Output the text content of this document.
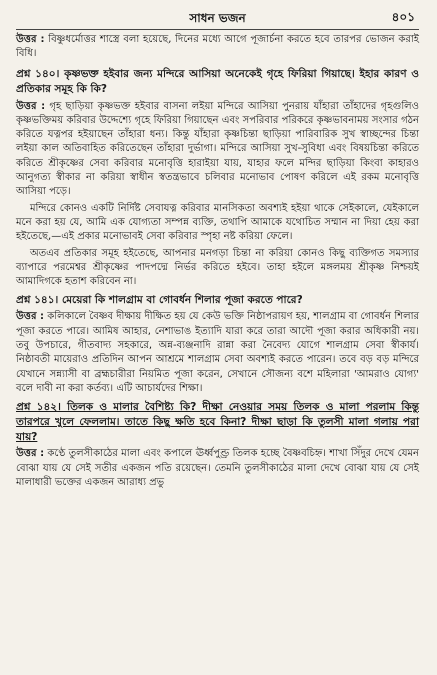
সাধন ভজন	৪০১

উত্তর : বিষ্ণুধর্মোত্তর শাস্ত্রে বলা হয়েছে, দিনের মধ্যে আগে পূজার্চনা করতে হবে তারপর ভোজন করাই বিধি।

প্রশ্ন ১৪০। কৃষ্ণভক্ত হইবার জন্য মন্দিরে আসিয়া অনেকেই গৃহে ফিরিয়া গিয়াছে। ইহার কারণ ও প্রতিকার সমূহ কি কি?

উত্তর : গৃহ ছাড়িয়া কৃষ্ণভক্ত হইবার বাসনা লইয়া মন্দিরে আসিয়া পুনরায় যাঁহারা তাঁহাদের গৃহগুলিও কৃষ্ণভক্তিময় করিবার উদ্দেশ্যে গৃহে ফিরিয়া গিয়াছেন এবং সপরিবার পরিকরে কৃষ্ণভাবনাময় সংসার গঠন করিতে যত্নপর হইয়াছেন তাঁহারা ধন্য। কিন্তু যাঁহারা কৃষ্ণচিন্তা ছাড়িয়া পারিবারিক সুখ স্বাচ্ছন্দের চিন্তা লইয়া কাল অতিবাহিত করিতেছেন তাঁহারা দুর্ভাগা। মন্দিরে আসিয়া সুখ-সুবিধা এবং বিষয়চিন্তা করিতে করিতে শ্রীকৃষ্ণের সেবা করিবার মনোবৃত্তি হারাইয়া যায়, যাহার ফলে মন্দির ছাড়িয়া কিংবা কাহারও আনুগত্য স্বীকার না করিয়া স্বাধীন স্বতন্ত্রভাবে চলিবার মনোভাব পোষণ করিলে এই রকম মনোবৃত্তি আসিয়া পড়ে।

মন্দিরে কোনও একটি নির্দিষ্ট সেবাযত্ন করিবার মানসিকতা অবশ্যই হইয়া থাকে সেইকালে, যেইকালে মনে করা হয় যে, আমি এক যোগ্যতা সম্পন্ন ব্যক্তি, তথাপি আমাকে যথোচিত সম্মান না দিয়া হেয় করা হইতেছে,—এই প্রকার মনোভাবই সেবা করিবার স্পৃহা নষ্ট করিয়া ফেলে।

অতএব প্রতিকার সমূহ হইতেছে, আপনার মনগড়া চিন্তা না করিয়া কোনও কিছু ব্যক্তিগত সমস্যার ব্যাপারে পরমেশ্বর শ্রীকৃষ্ণের পাদপদ্মে নির্ভর করিতে হইবে। তাহা হইলে মঙ্গলময় শ্রীকৃষ্ণ নিশ্চয়ই আমাদিগকে হতাশ করিবেন না।

প্রশ্ন ১৪১। মেয়েরা কি শালগ্রাম বা গোবর্ধন শিলার পূজা করতে পারে?

উত্তর : কলিকালে বৈষ্ণব দীক্ষায় দীক্ষিত হয় যে কেউ ভক্তি নিষ্ঠাপরায়ণ হয়, শালগ্রাম বা গোবর্ধন শিলার পূজা করতে পারে। আমিষ আহার, নেশাভাঙ ইত্যাদি যারা করে তারা আদৌ পূজা করার অধিকারী নয়। তবু উপচারে, গীতবাদ্য সহকারে, অন্ন-ব্যঞ্জনাদি রান্না করা নৈবেদ্য যোগে শালগ্রাম সেবা স্বীকার্য। নিষ্ঠাবতী মায়েরাও প্রতিদিন আপন আশ্রমে শালগ্রাম সেবা অবশ্যই করতে পারেন। তবে বড় বড় মন্দিরে যেখানে সন্ন্যাসী বা ব্রহ্মচারীরা নিয়মিত পূজা করেন, সেখানে সৌজন্য বশে মহিলারা 'আমরাও যোগ্য' বলে দাবী না করা কর্তব্য। এটি আচার্যদের শিক্ষা।

প্রশ্ন ১৪২। তিলক ও মালার বৈশিষ্ট্য কি? দীক্ষা নেওয়ার সময় তিলক ও মালা পরলাম কিন্তু তারপরে খুলে ফেললাম। তাতে কিছু ক্ষতি হবে কিনা? দীক্ষা ছাড়া কি তুলসী মালা গলায় পরা যায়?

উত্তর : কণ্ঠে তুলসীকাঠের মালা এবং কপালে ঊর্ধ্বপুণ্ড্র তিলক হচ্ছে বৈষ্ণবচিহ্ন। শাখা সিঁদুর দেখে যেমন বোঝা যায় যে সেই সতীর একজন পতি রয়েছেন। তেমনি তুলসীকাঠের মালা দেখে বোঝা যায় যে সেই মালাধারী ভক্তের একজন আরাধ্য প্রভু
